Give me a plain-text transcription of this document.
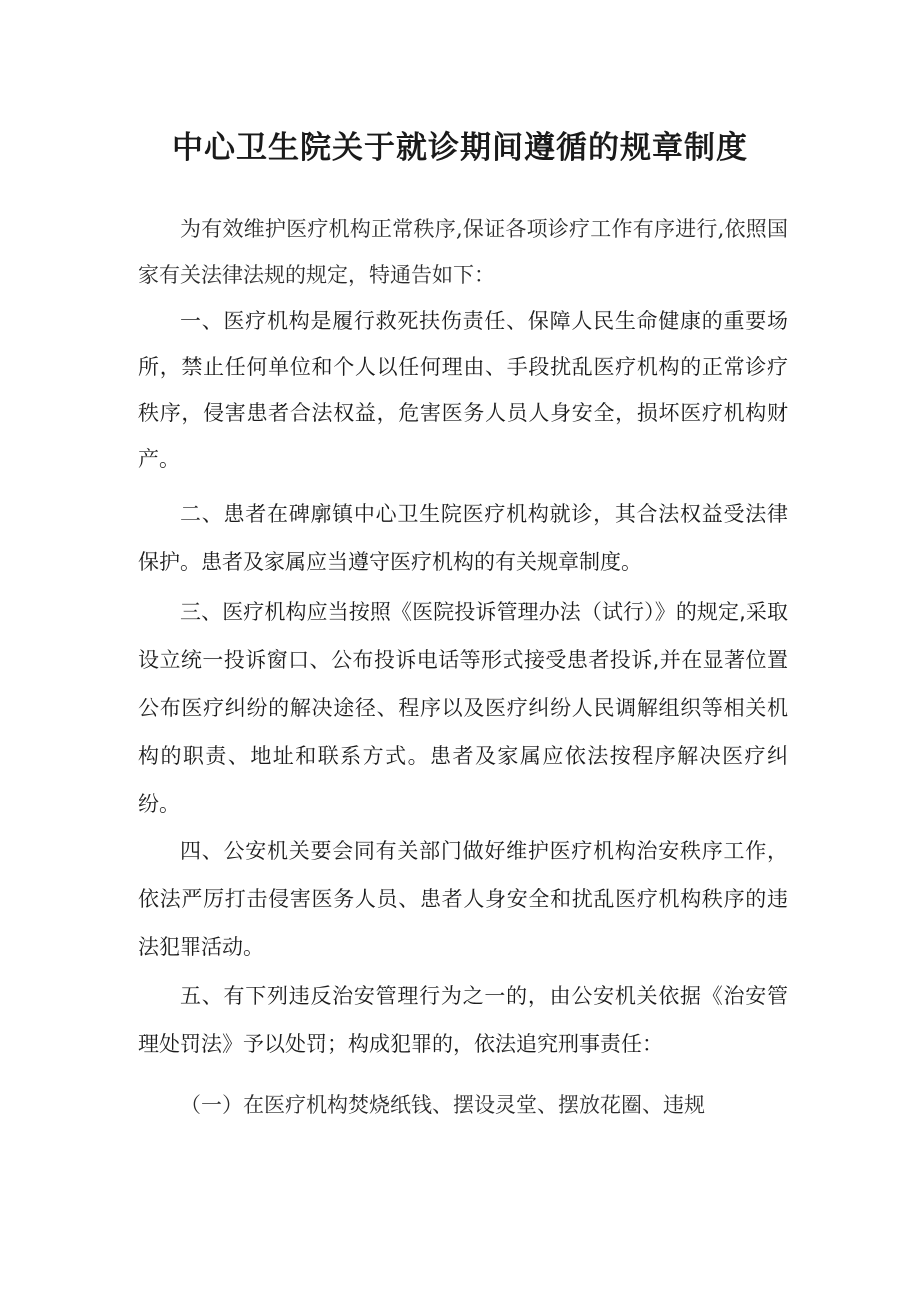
中心卫生院关于就诊期间遵循的规章制度

为有效维护医疗机构正常秩序,保证各项诊疗工作有序进行,依照国家有关法律法规的规定，特通告如下：

一、医疗机构是履行救死扶伤责任、保障人民生命健康的重要场所，禁止任何单位和个人以任何理由、手段扰乱医疗机构的正常诊疗秩序，侵害患者合法权益，危害医务人员人身安全，损坏医疗机构财产。

二、患者在碑廓镇中心卫生院医疗机构就诊，其合法权益受法律保护。患者及家属应当遵守医疗机构的有关规章制度。

三、医疗机构应当按照《医院投诉管理办法（试行）》的规定,采取设立统一投诉窗口、公布投诉电话等形式接受患者投诉,并在显著位置公布医疗纠纷的解决途径、程序以及医疗纠纷人民调解组织等相关机构的职责、地址和联系方式。患者及家属应依法按程序解决医疗纠纷。

四、公安机关要会同有关部门做好维护医疗机构治安秩序工作，依法严厉打击侵害医务人员、患者人身安全和扰乱医疗机构秩序的违法犯罪活动。

五、有下列违反治安管理行为之一的，由公安机关依据《治安管理处罚法》予以处罚；构成犯罪的，依法追究刑事责任：

（一）在医疗机构焚烧纸钱、摆设灵堂、摆放花圈、违规
